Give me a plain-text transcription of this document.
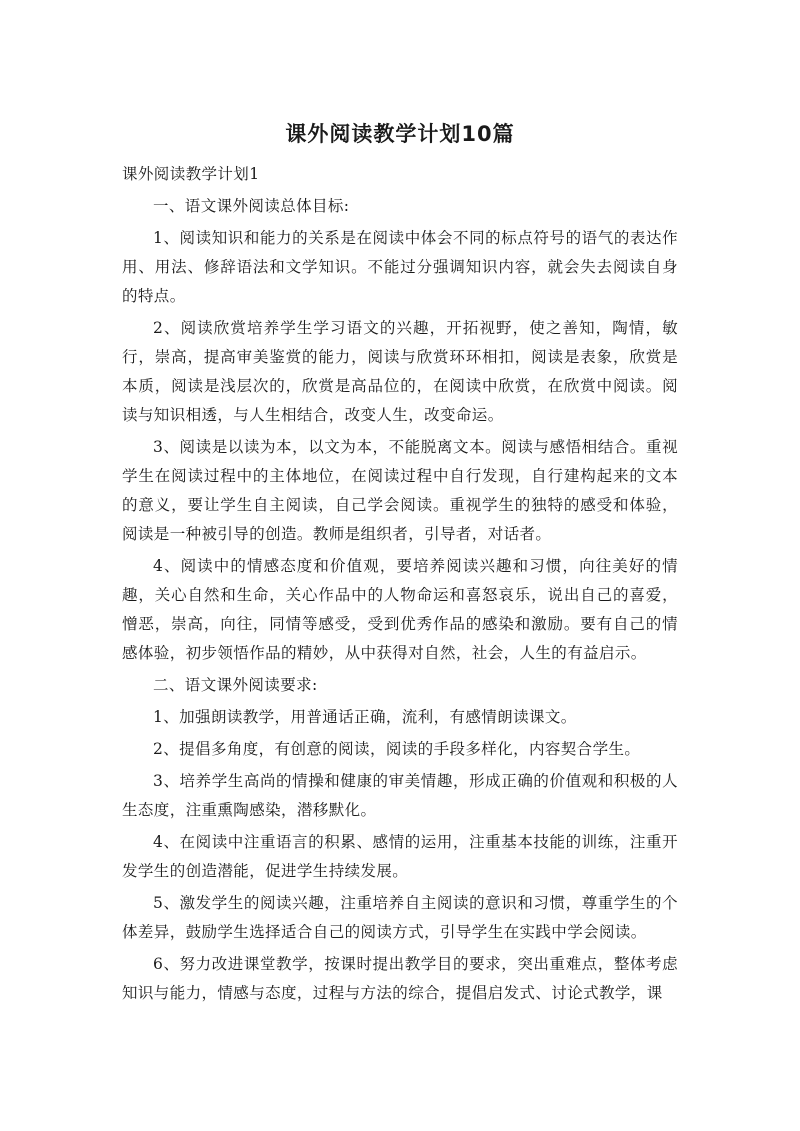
课外阅读教学计划10篇

课外阅读教学计划1

一、语文课外阅读总体目标:

1、阅读知识和能力的关系是在阅读中体会不同的标点符号的语气的表达作用、用法、修辞语法和文学知识。不能过分强调知识内容，就会失去阅读自身的特点。

2、阅读欣赏培养学生学习语文的兴趣，开拓视野，使之善知，陶情，敏行，崇高，提高审美鉴赏的能力，阅读与欣赏环环相扣，阅读是表象，欣赏是本质，阅读是浅层次的，欣赏是高品位的，在阅读中欣赏，在欣赏中阅读。阅读与知识相透，与人生相结合，改变人生，改变命运。

3、阅读是以读为本，以文为本，不能脱离文本。阅读与感悟相结合。重视学生在阅读过程中的主体地位，在阅读过程中自行发现，自行建构起来的文本的意义，要让学生自主阅读，自己学会阅读。重视学生的独特的感受和体验，阅读是一种被引导的创造。教师是组织者，引导者，对话者。

4、阅读中的情感态度和价值观，要培养阅读兴趣和习惯，向往美好的情趣，关心自然和生命，关心作品中的人物命运和喜怒哀乐，说出自己的喜爱，憎恶，崇高，向往，同情等感受，受到优秀作品的感染和激励。要有自己的情感体验，初步领悟作品的精妙，从中获得对自然，社会，人生的有益启示。

二、语文课外阅读要求:

1、加强朗读教学，用普通话正确，流利，有感情朗读课文。

2、提倡多角度，有创意的阅读，阅读的手段多样化，内容契合学生。

3、培养学生高尚的情操和健康的审美情趣，形成正确的价值观和积极的人生态度，注重熏陶感染，潜移默化。

4、在阅读中注重语言的积累、感情的运用，注重基本技能的训练，注重开发学生的创造潜能，促进学生持续发展。

5、激发学生的阅读兴趣，注重培养自主阅读的意识和习惯，尊重学生的个体差异，鼓励学生选择适合自己的阅读方式，引导学生在实践中学会阅读。

6、努力改进课堂教学，按课时提出教学目的要求，突出重难点，整体考虑知识与能力，情感与态度，过程与方法的综合，提倡启发式、讨论式教学，课
